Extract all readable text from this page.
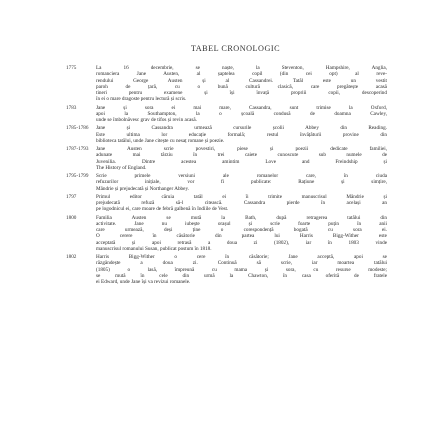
TABEL CRONOLOGIC
1775	La 16 decembrie, se naște, la Steventon, Hampshire, Anglia,
romanciera Jane Austen, al șaptelea copil (din cei opt) al reve-
rendului George Austen și al Cassandrei. Tatăl este un vestit
paroh de țară, cu o bună cultură clasică, care pregătește acasă
tineri pentru examene și își învață propriii copii, descoperind
în ei o mare dragoste pentru lectură și scris.
1783	Jane și sora ei mai mare, Cassandra, sunt trimise la Oxford,
apoi la Southampton, la o școală condusă de doamna Cawley,
unde se îmbolnăvesc grav de tifos și revin acasă.
1785-1786	Jane și Cassandra urmează cursurile școlii Abbey din Reading.
Este ultima lor educație formală; restul învățăturii provine din
biblioteca tatălui, unde Jane citește cu nesaț romane și poezie.
1787-1793	Jane Austen scrie povestiri, piese și poezii dedicate familiei,
adunate mai târziu în trei caiete cunoscute sub numele de
Juvenilia. Dintre acestea amintim Love and Freindship și
The History of England.
1795-1799	Scrie primele versiuni ale romanelor care, în ciuda
refuzurilor inițiale, vor fi publicate: Rațiune și simțire,
Mândrie și prejudecată și Northanger Abbey.
1797	Primul editor căruia tatăl ei îi trimite manuscrisul Mândrie și
prejudecată refuză să-l citească. Cassandra pierde în același an
pe logodnicul ei, care moare de febră galbenă în Indiile de Vest.
1800	Familia Austen se mută la Bath, după retragerea tatălui din
activitate. Jane nu iubește orașul și scrie foarte puțin în anii
care urmează, deși ține o corespondență bogată cu sora ei.
O cerere în căsătorie din partea lui Harris Bigg-Wither este
acceptată și apoi retrasă a doua zi (1802), iar în 1803 vinde
manuscrisul romanului Susan, publicat postum în 1818.
1802	Harris Bigg-Wither o cere în căsătorie; Jane acceptă, apoi se
răzgândește a doua zi. Continuă să scrie, iar moartea tatălui
(1805) o lasă, împreună cu mama și sora, cu resurse modeste;
se mută în cele din urmă la Chawton, în casa oferită de fratele
ei Edward, unde Jane își va revizui romanele.
